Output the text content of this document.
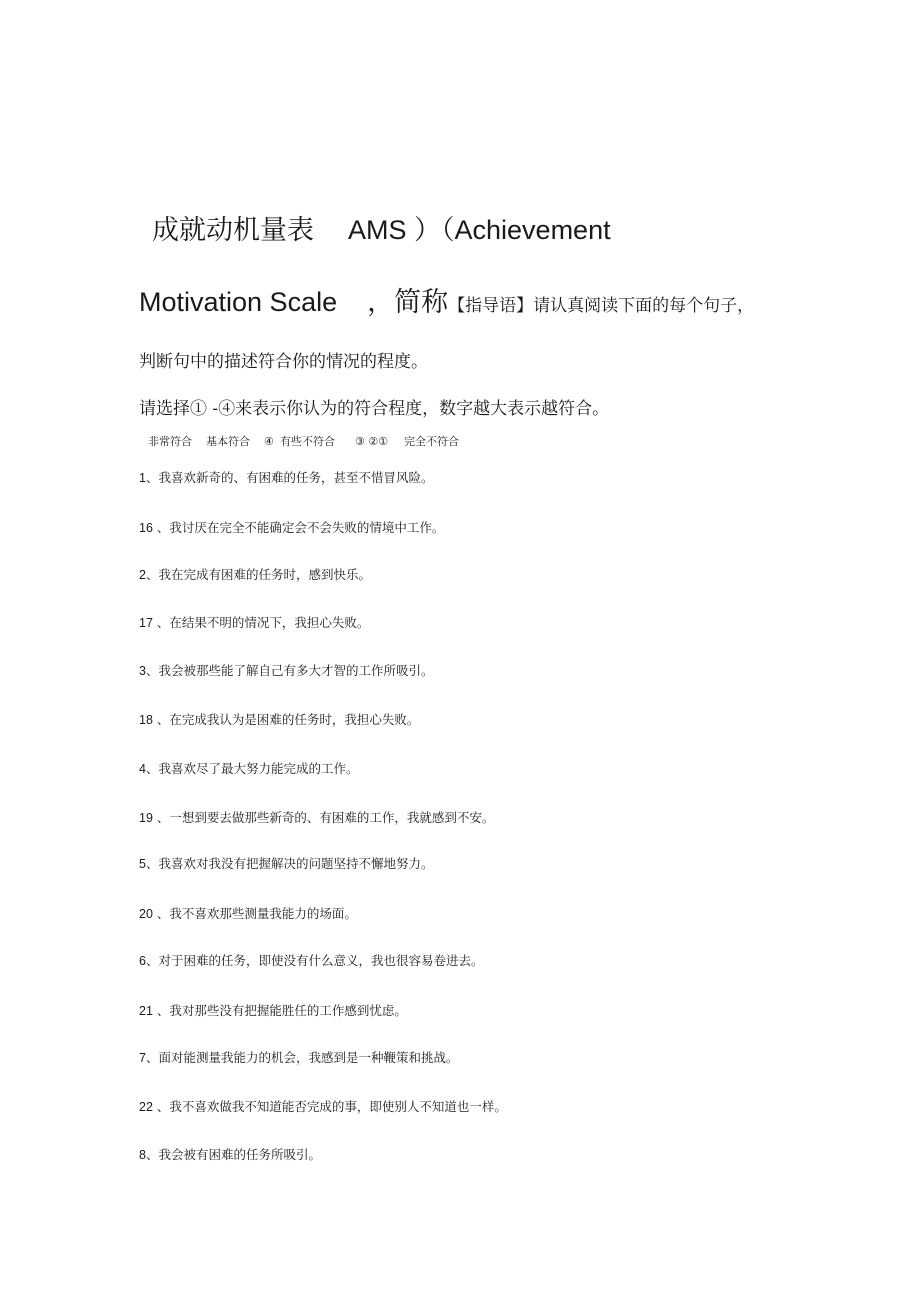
成就动机量表 AMS ）（Achievement
Motivation Scale ，简称【指导语】请认真阅读下面的每个句子，

判断句中的描述符合你的情况的程度。

请选择① -④来表示你认为的符合程度，数字越大表示越符合。

非常符合 基本符合 ④ 有些不符合 ③ ②① 完全不符合
1、我喜欢新奇的、有困难的任务，甚至不惜冒风险。
16 、我讨厌在完全不能确定会不会失败的情境中工作。
2、我在完成有困难的任务时，感到快乐。
17 、在结果不明的情况下，我担心失败。
3、我会被那些能了解自己有多大才智的工作所吸引。
18 、在完成我认为是困难的任务时，我担心失败。
4、我喜欢尽了最大努力能完成的工作。
19 、一想到要去做那些新奇的、有困难的工作，我就感到不安。
5、我喜欢对我没有把握解决的问题坚持不懈地努力。
20 、我不喜欢那些测量我能力的场面。
6、对于困难的任务，即使没有什么意义，我也很容易卷进去。
21 、我对那些没有把握能胜任的工作感到忧虑。
7、面对能测量我能力的机会，我感到是一种鞭策和挑战。
22 、我不喜欢做我不知道能否完成的事，即使别人不知道也一样。
8、我会被有困难的任务所吸引。
